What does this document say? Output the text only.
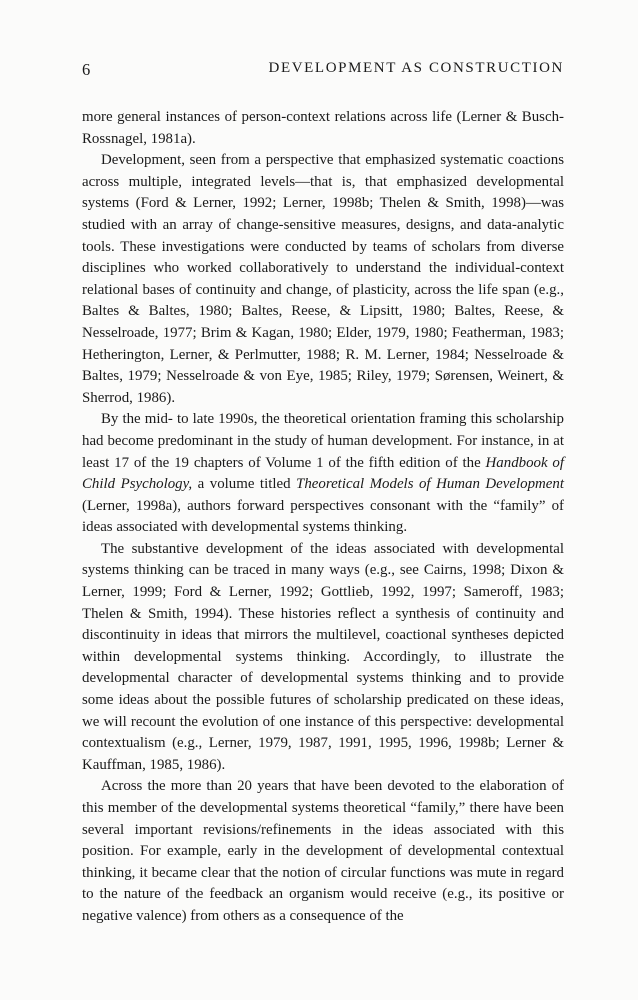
6	DEVELOPMENT AS CONSTRUCTION

more general instances of person-context relations across life (Lerner & Busch-Rossnagel, 1981a).

Development, seen from a perspective that emphasized systematic coactions across multiple, integrated levels—that is, that emphasized developmental systems (Ford & Lerner, 1992; Lerner, 1998b; Thelen & Smith, 1998)—was studied with an array of change-sensitive measures, designs, and data-analytic tools. These investigations were conducted by teams of scholars from diverse disciplines who worked collaboratively to understand the individual-context relational bases of continuity and change, of plasticity, across the life span (e.g., Baltes & Baltes, 1980; Baltes, Reese, & Lipsitt, 1980; Baltes, Reese, & Nesselroade, 1977; Brim & Kagan, 1980; Elder, 1979, 1980; Featherman, 1983; Hetherington, Lerner, & Perlmutter, 1988; R. M. Lerner, 1984; Nesselroade & Baltes, 1979; Nesselroade & von Eye, 1985; Riley, 1979; Sørensen, Weinert, & Sherrod, 1986).

By the mid- to late 1990s, the theoretical orientation framing this scholarship had become predominant in the study of human development. For instance, in at least 17 of the 19 chapters of Volume 1 of the fifth edition of the Handbook of Child Psychology, a volume titled Theoretical Models of Human Development (Lerner, 1998a), authors forward perspectives consonant with the “family” of ideas associated with developmental systems thinking.

The substantive development of the ideas associated with developmental systems thinking can be traced in many ways (e.g., see Cairns, 1998; Dixon & Lerner, 1999; Ford & Lerner, 1992; Gottlieb, 1992, 1997; Sameroff, 1983; Thelen & Smith, 1994). These histories reflect a synthesis of continuity and discontinuity in ideas that mirrors the multilevel, coactional syntheses depicted within developmental systems thinking. Accordingly, to illustrate the developmental character of developmental systems thinking and to provide some ideas about the possible futures of scholarship predicated on these ideas, we will recount the evolution of one instance of this perspective: developmental contextualism (e.g., Lerner, 1979, 1987, 1991, 1995, 1996, 1998b; Lerner & Kauffman, 1985, 1986).

Across the more than 20 years that have been devoted to the elaboration of this member of the developmental systems theoretical “family,” there have been several important revisions/refinements in the ideas associated with this position. For example, early in the development of developmental contextual thinking, it became clear that the notion of circular functions was mute in regard to the nature of the feedback an organism would receive (e.g., its positive or negative valence) from others as a consequence of the
